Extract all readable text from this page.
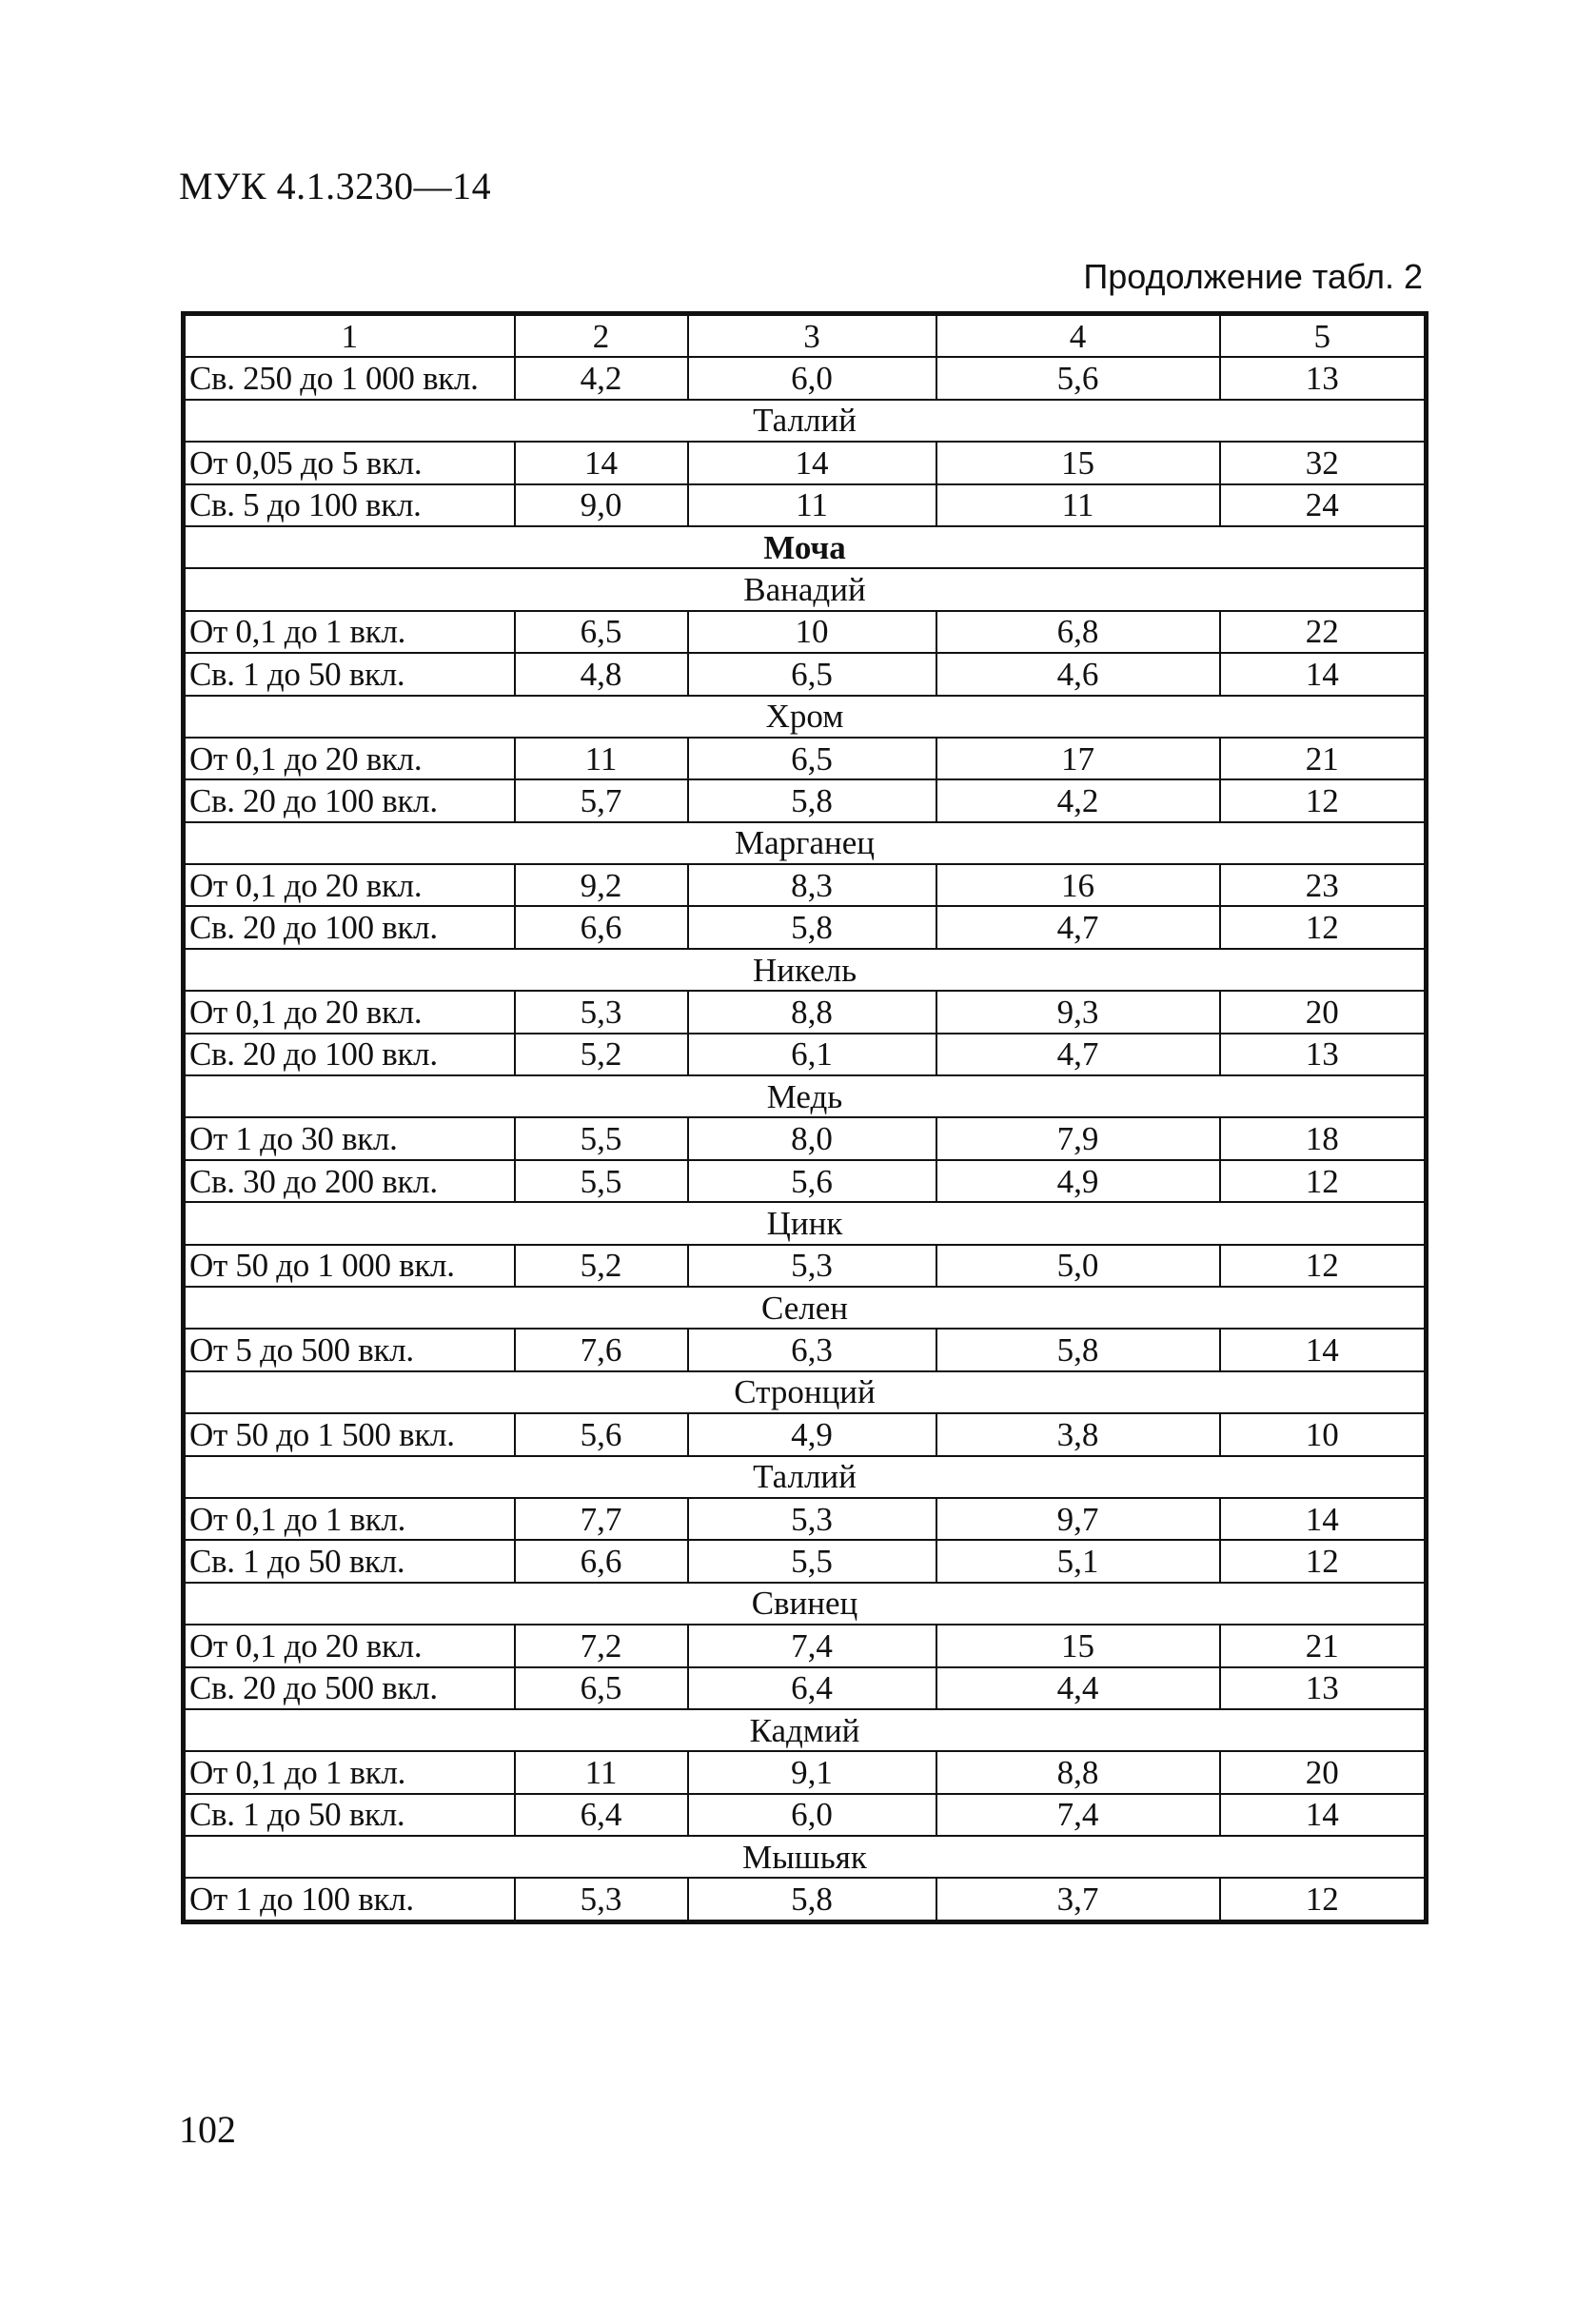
МУК 4.1.3230—14
Продолжение табл. 2
1	2	3	4	5
Св. 250 до 1 000 вкл.	4,2	6,0	5,6	13
Таллий				
От 0,05 до 5 вкл.	14	14	15	32
Св. 5 до 100 вкл.	9,0	11	11	24
Моча				
Ванадий				
От 0,1 до 1 вкл.	6,5	10	6,8	22
Св. 1 до 50 вкл.	4,8	6,5	4,6	14
Хром				
От 0,1 до 20 вкл.	11	6,5	17	21
Св. 20 до 100 вкл.	5,7	5,8	4,2	12
Марганец				
От 0,1 до 20 вкл.	9,2	8,3	16	23
Св. 20 до 100 вкл.	6,6	5,8	4,7	12
Никель				
От 0,1 до 20 вкл.	5,3	8,8	9,3	20
Св. 20 до 100 вкл.	5,2	6,1	4,7	13
Медь				
От 1 до 30 вкл.	5,5	8,0	7,9	18
Св. 30 до 200 вкл.	5,5	5,6	4,9	12
Цинк				
От 50 до 1 000 вкл.	5,2	5,3	5,0	12
Селен				
От 5 до 500 вкл.	7,6	6,3	5,8	14
Стронций				
От 50 до 1 500 вкл.	5,6	4,9	3,8	10
Таллий				
От 0,1 до 1 вкл.	7,7	5,3	9,7	14
Св. 1 до 50 вкл.	6,6	5,5	5,1	12
Свинец				
От 0,1 до 20 вкл.	7,2	7,4	15	21
Св. 20 до 500 вкл.	6,5	6,4	4,4	13
Кадмий				
От 0,1 до 1 вкл.	11	9,1	8,8	20
Св. 1 до 50 вкл.	6,4	6,0	7,4	14
Мышьяк				
От 1 до 100 вкл.	5,3	5,8	3,7	12
102
